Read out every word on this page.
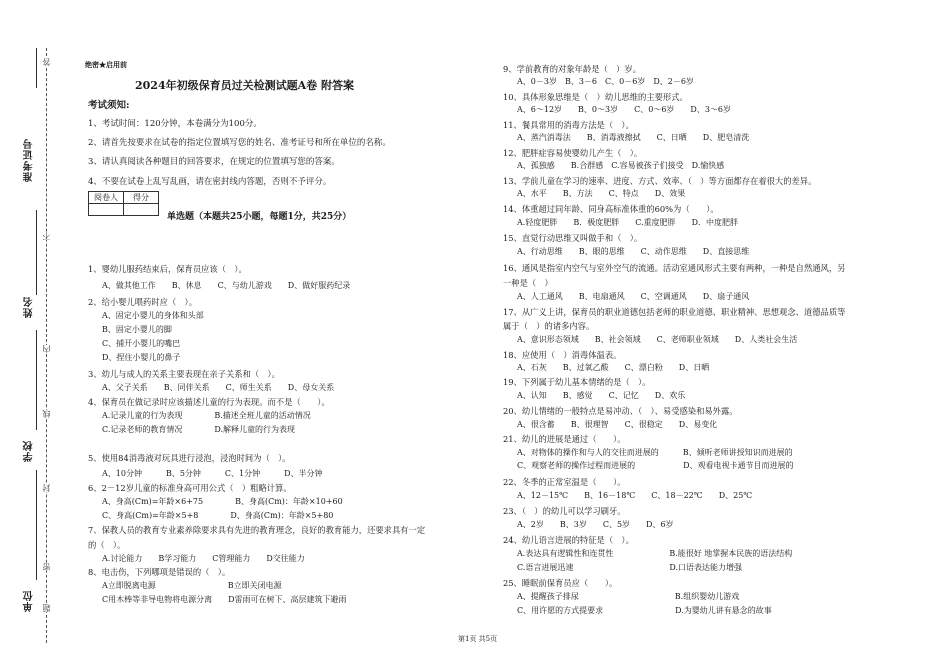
准考证号
姓名
学校
单位
答
不
内
线
封
密
题
绝密★启用前
2024年初级保育员过关检测试题A卷 附答案
考试须知:
1、考试时间：120分钟，本卷满分为100分。
2、请首先按要求在试卷的指定位置填写您的姓名、准考证号和所在单位的名称。
3、请认真阅读各种题目的回答要求，在规定的位置填写您的答案。
4、不要在试卷上乱写乱画，请在密封线内答题，否则不予评分。
阅卷人	得分

单选题（本题共25小题，每题1分，共25分）
1、婴幼儿服药结束后，保育员应该（　）。
A、做其他工作　　B、休息　　C、与幼儿游戏　　D、做好服药纪录
2、给小婴儿喂药时应（　）。
A、固定小婴儿的身体和头部
B、固定小婴儿的脚
C、捕开小婴儿的嘴巴
D、捏住小婴儿的鼻子
3、幼儿与成人的关系主要表现在亲子关系和（　）。
A、父子关系　　B、同伴关系　　C、师生关系　　D、母女关系
4、保育员在做记录时应该描述儿童的行为表现。而不是（　　）。
A.记录儿童的行为表现　　　　B.描述全班儿童的活动情况
C.记录老师的教育情况　　　　D.解释儿童的行为表现
5、使用84消毒液对玩具进行浸泡，浸泡时间为（　）。
A、10分钟　　　B、5分钟　　　C、1分钟　　　D、半分钟
6、2－12岁儿童的标准身高可用公式（　）粗略计算。
A、身高(Cm)=年龄×6+75　　　　B、身高(Cm)：年龄×10+60
C、身高(Cm)=年龄×5+8　　　　D、身高(Cm)：年龄×5+80
7、保教人员的教育专业素养除要求具有先进的教育理念，良好的教育能力，还要求具有一定
的（　）。
A.讨论能力　　B学习能力　　C管理能力　　D交往能力
8、电击伤，下列哪项是错误的（　）。
A立即脱离电源　　　　　　　　　B立即关闭电源
C用木棒等非导电物将电源分离　　D雷雨可在树下、高层建筑下避雨
9、学前教育的对象年龄是（　）岁。
A、0－3岁　B、3－6　C、0－6岁　D、2－6岁
10、具体形象思维是（　）幼儿思维的主要形式。
A、6～12岁　　B、0～3岁　　C、0～6岁　　D、3～6岁
11、餐具常用的消毒方法是（　）。
A、蒸汽消毒法　　B、消毒液擦拭　　C、日晒　　D、肥皂清洗
12、肥胖症容易使婴幼儿产生（　）。
A、孤独感　　B.合群感　C.容易被孩子们接受　D.愉快感
13、学前儿童在学习的速率、进度、方式、效率、（　）等方面都存在着很大的差异。
A、水平　　B、方法　　C、特点　　D、效果
14、体重超过同年龄、同身高标准体重的60%为（　　）。
A.轻度肥胖　　B．极度肥胖　　C.重度肥胖　　D．中度肥胖
15、直觉行动思维又叫做手和（　）。
A、行动思维　　B、眼的思维　　C、动作思维　　D、直接思维
16、通风是指室内空气与室外空气的流通。活动室通风形式主要有两种，一种是自然通风，另
一种是（　）
A、人工通风　　B、电扇通风　　C、空调通风　　D、扇子通风
17、从广义上讲，保育员的职业道德包括老师的职业道德、职业精神、思想观念、道德品质等
属于（　）的诸多内容。
A、意识形态领域　　B、社会领域　　C、老师职业领域　　D、人类社会生活
18、应使用（　）消毒体温表。
A、石灰　　B、过氧乙酸　　C、漂白粉　　D、日晒
19、下列属于幼儿基本情绪的是（　）。
A、认知　　B、感觉　　C、记忆　　D、欢乐
20、幼儿情绪的一般特点是易冲动、（　）、易受感染和易外露。
A、很含蓄　　B、很理智　　C、很稳定　　D、易变化
21、幼儿的进展是通过（　　）。
A、对物体的操作和与人的交往而进展的　　　B、倾听老师讲授知识而进展的
C、观察老师的操作过程而进展的　　　　　　D、观看电视卡通节目而进展的
22、冬季的正常室温是（　　）。
A、12－15℃　　B、16－18℃　　C、18－22℃　　D、25℃
23、（　）的幼儿可以学习刷牙。
A、2岁　　B、3岁　　C、5岁　　D、6岁
24、幼儿语言进展的特征是（　）。
A.表达具有逻辑性和连贯性　　　　　　　B.能很好 地掌握本民族的语法结构
C.语言进展迅速　　　　　　　　　　　　D.口语表达能力增强
25、睡眠前保育员应（　　）。
A、提醒孩子排尿　　　　　　　　　　　　B.组织婴幼儿游戏
C、用许愿的方式提要求　　　　　　　　　D.为婴幼儿讲有悬念的故事
第1页 共5页
